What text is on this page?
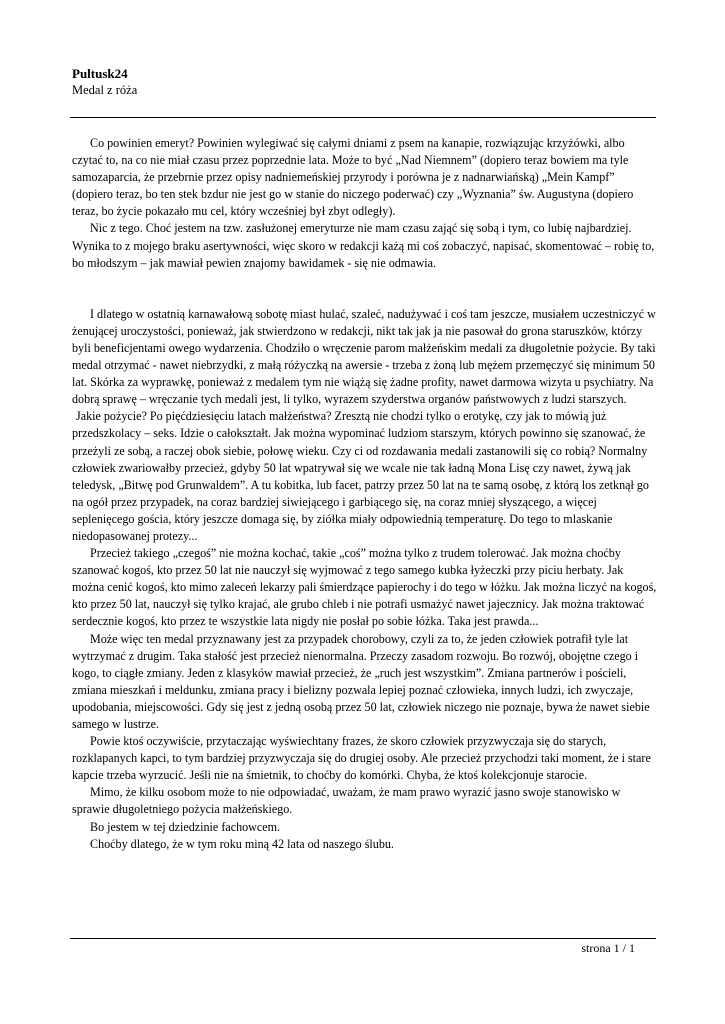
Pultusk24
Medal z róża

Co powinien emeryt? Powinien wylegiwać się całymi dniami z psem na kanapie, rozwiązując krzyżówki, albo czytać to, na co nie miał czasu przez poprzednie lata. Może to być „Nad Niemnem” (dopiero teraz bowiem ma tyle samozaparcia, że przebrnie przez opisy nadniemeńskiej przyrody i porówna je z nadnarwiańską) „Mein Kampf” (dopiero teraz, bo ten stek bzdur nie jest go w stanie do niczego poderwać) czy „Wyznania” św. Augustyna (dopiero teraz, bo życie pokazało mu cel, który wcześniej był zbyt odległy).

Nic z tego. Choć jestem na tzw. zasłużonej emeryturze nie mam czasu zająć się sobą i tym, co lubię najbardziej. Wynika to z mojego braku asertywności, więc skoro w redakcji każą mi coś zobaczyć, napisać, skomentować – robię to, bo młodszym – jak mawiał pewien znajomy bawidamek - się nie odmawia.

I dlatego w ostatnią karnawałową sobotę miast hulać, szaleć, nadużywać i coś tam jeszcze, musiałem uczestniczyć w żenującej uroczystości, ponieważ, jak stwierdzono w redakcji, nikt tak jak ja nie pasował do grona staruszków, którzy byli beneficjentami owego wydarzenia. Chodziło o wręczenie parom małżeńskim medali za długoletnie pożycie. By taki medal otrzymać - nawet niebrzydki, z małą różyczką na awersie - trzeba z żoną lub mężem przemęczyć się minimum 50 lat. Skórka za wyprawkę, ponieważ z medalem tym nie wiążą się żadne profity, nawet darmowa wizyta u psychiatry. Na dobrą sprawę – wręczanie tych medali jest, li tylko, wyrazem szyderstwa organów państwowych z ludzi starszych.

Jakie pożycie? Po pięćdziesięciu latach małżeństwa? Zresztą nie chodzi tylko o erotykę, czy jak to mówią już przedszkolacy – seks. Idzie o całokształt. Jak można wypominać ludziom starszym, których powinno się szanować, że przeżyli ze sobą, a raczej obok siebie, połowę wieku. Czy ci od rozdawania medali zastanowili się co robią? Normalny człowiek zwariowałby przecież, gdyby 50 lat wpatrywał się we wcale nie tak ładną Mona Lisę czy nawet, żywą jak teledysk, „Bitwę pod Grunwaldem”. A tu kobitka, lub facet, patrzy przez 50 lat na te samą osobę, z którą los zetknął go na ogół przez przypadek, na coraz bardziej siwiejącego i garbiącego się, na coraz mniej słyszącego, a więcej seplenięcego gościa, który jeszcze domaga się, by ziółka miały odpowiednią temperaturę. Do tego to mlaskanie niedopasowanej protezy...

Przecież takiego „czegoś” nie można kochać, takie „coś” można tylko z trudem tolerować. Jak można choćby szanować kogoś, kto przez 50 lat nie nauczył się wyjmować z tego samego kubka łyżeczki przy piciu herbaty. Jak można cenić kogoś, kto mimo zaleceń lekarzy pali śmierdzące papierochy i do tego w łóżku. Jak można liczyć na kogoś, kto przez 50 lat, nauczył się tylko krajać, ale grubo chleb i nie potrafi usmażyć nawet jajecznicy. Jak można traktować serdecznie kogoś, kto przez te wszystkie lata nigdy nie posłał po sobie łóżka. Taka jest prawda...

Może więc ten medal przyznawany jest za przypadek chorobowy, czyli za to, że jeden człowiek potrafił tyle lat wytrzymać z drugim. Taka stałość jest przecież nienormalna. Przeczy zasadom rozwoju. Bo rozwój, obojętne czego i kogo, to ciągłe zmiany. Jeden z klasyków mawiał przecież, że „ruch jest wszystkim”. Zmiana partnerów i pościeli, zmiana mieszkań i meldunku, zmiana pracy i bielizny pozwala lepiej poznać człowieka, innych ludzi, ich zwyczaje, upodobania, miejscowości. Gdy się jest z jedną osobą przez 50 lat, człowiek niczego nie poznaje, bywa że nawet siebie samego w lustrze.

Powie ktoś oczywiście, przytaczając wyświechtany frazes, że skoro człowiek przyzwyczaja się do starych, rozklapanych kapci, to tym bardziej przyzwyczaja się do drugiej osoby. Ale przecież przychodzi taki moment, że i stare kapcie trzeba wyrzucić. Jeśli nie na śmietnik, to choćby do komórki. Chyba, że ktoś kolekcjonuje starocie.

Mimo, że kilku osobom może to nie odpowiadać, uważam, że mam prawo wyrazić jasno swoje stanowisko w sprawie długoletniego pożycia małżeńskiego.

Bo jestem w tej dziedzinie fachowcem.

Choćby dlatego, że w tym roku miną 42 lata od naszego ślubu.

strona 1 / 1
